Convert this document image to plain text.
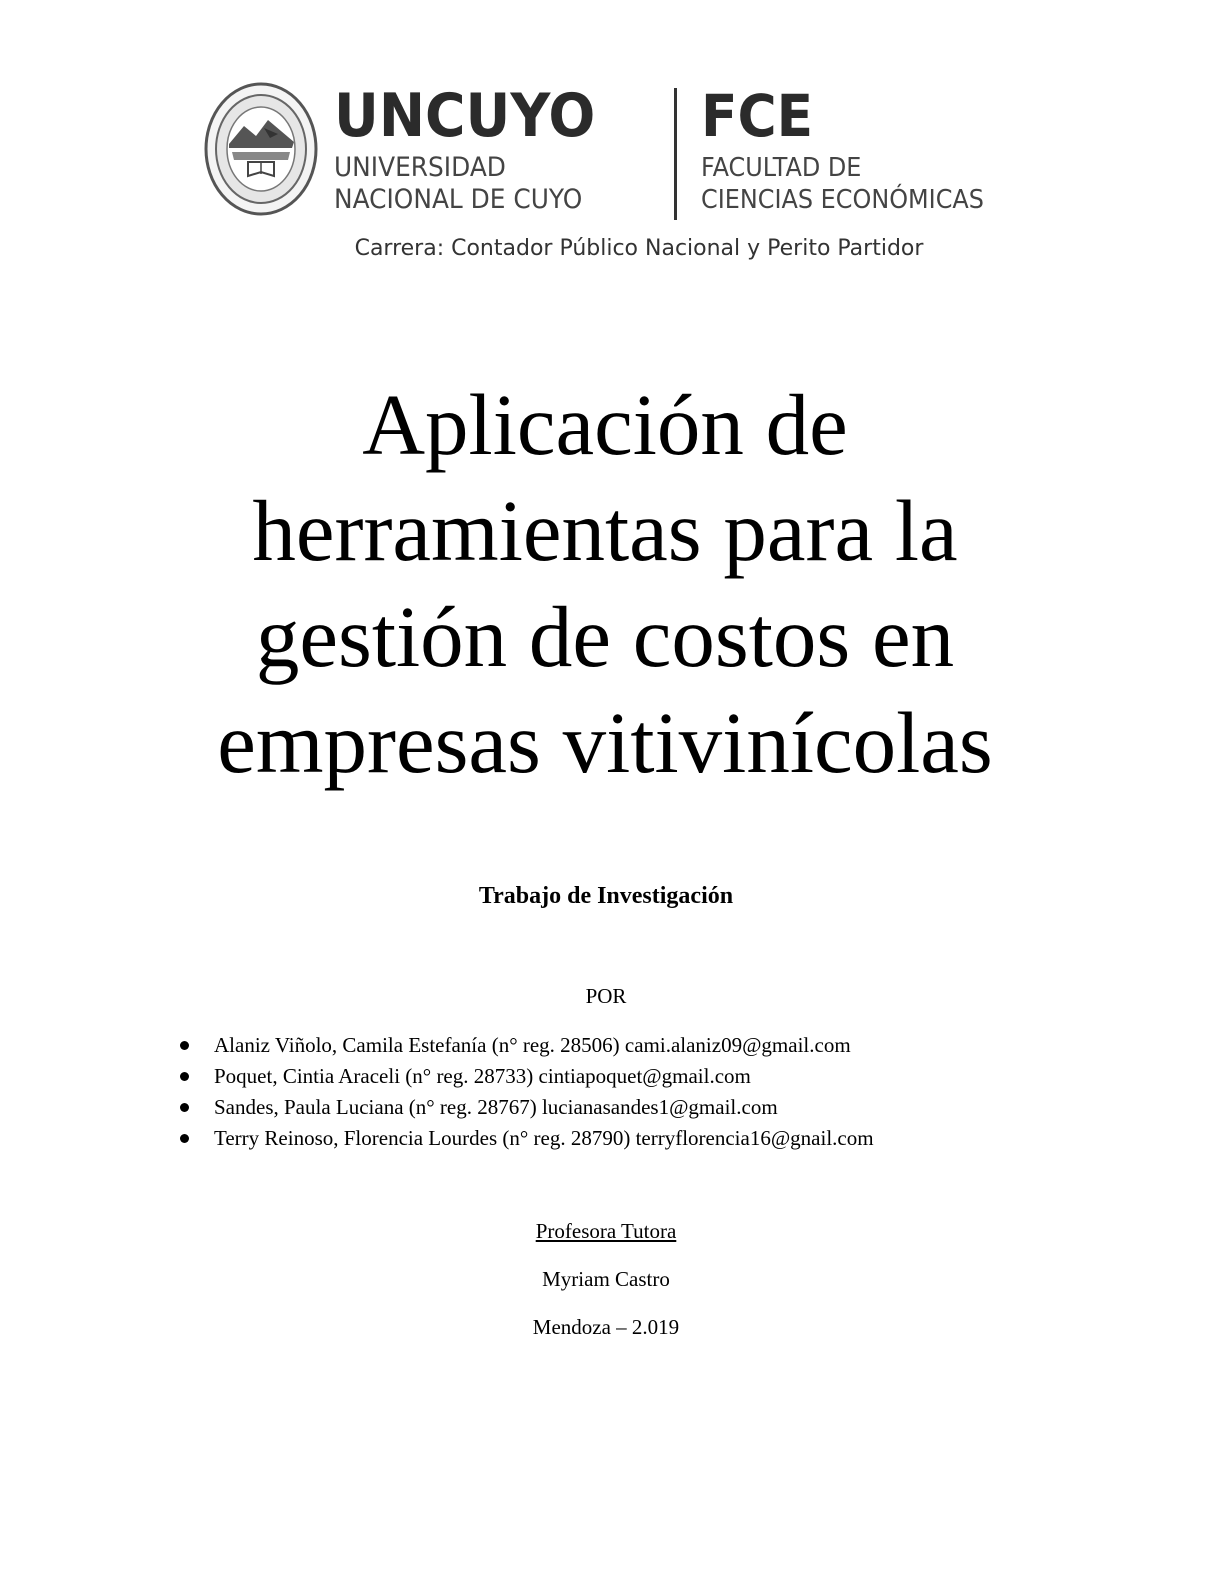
UNCUYO

UNIVERSIDAD

NACIONAL DE CUYO

FCE

FACULTAD DE

CIENCIAS ECONÓMICAS

Carrera: Contador Público Nacional y Perito Partidor
Aplicación de
herramientas para la
gestión de costos en
empresas vitivinícolas
Trabajo de Investigación
POR
Alaniz Viñolo, Camila Estefanía (n° reg. 28506) cami.alaniz09@gmail.com
Poquet, Cintia Araceli (n° reg. 28733) cintiapoquet@gmail.com
Sandes, Paula Luciana (n° reg. 28767) lucianasandes1@gmail.com
Terry Reinoso, Florencia Lourdes (n° reg. 28790) terryflorencia16@gnail.com
Profesora Tutora
Myriam Castro
Mendoza – 2.019
